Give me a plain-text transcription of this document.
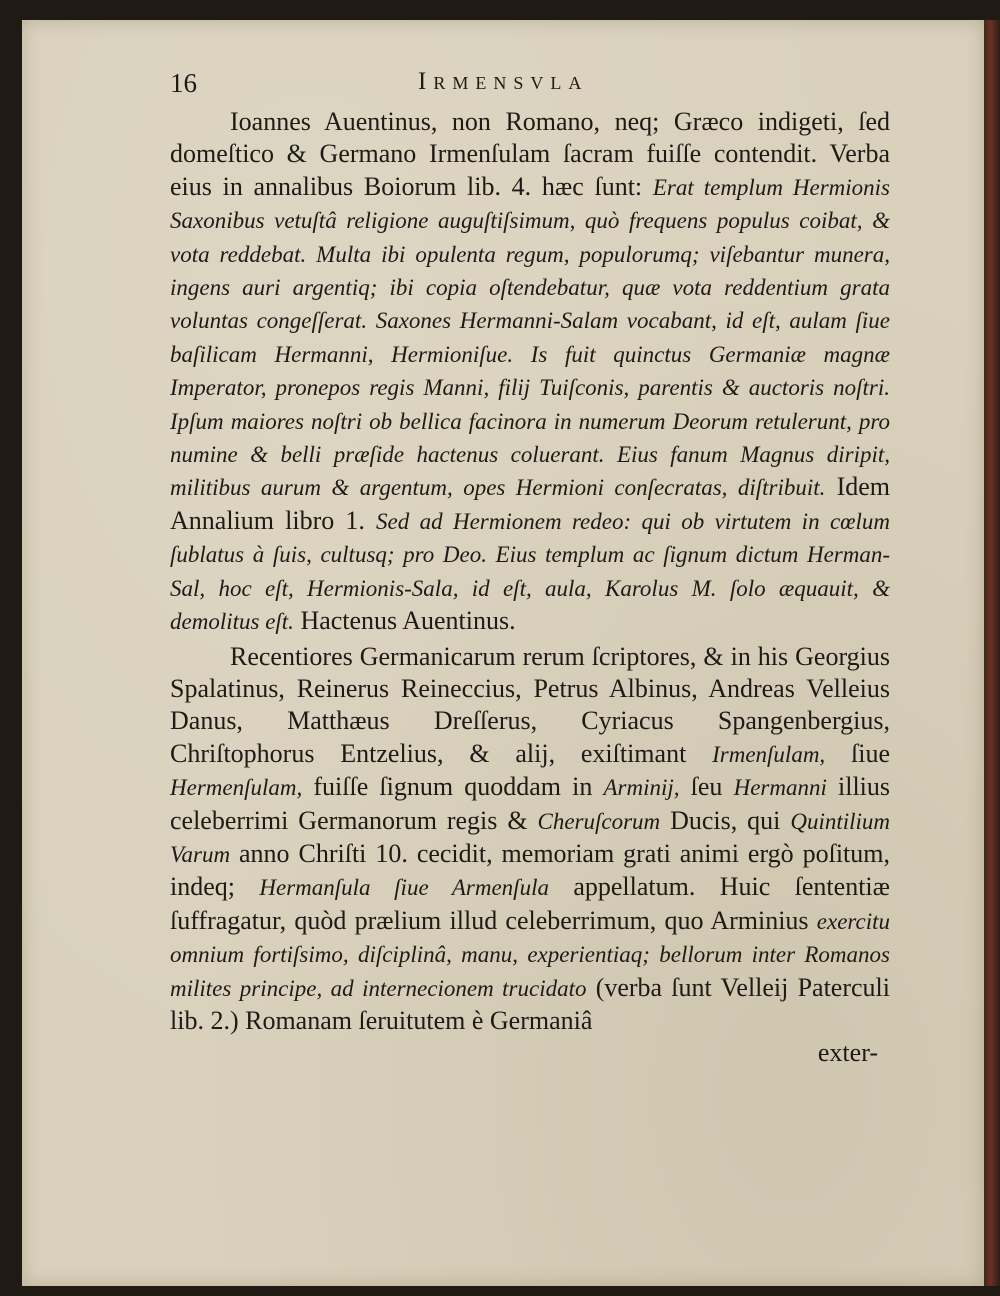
16	IRMENSVLA

Ioannes Auentinus, non Romano, neq; Græco indigeti, ſed domeſtico & Germano Irmenſulam ſacram fuiſſe contendit. Verba eius in annalibus Boiorum lib. 4. hæc ſunt: Erat templum Hermionis Saxonibus vetuſtâ religione auguſtiſsimum, quò frequens populus coibat, & vota reddebat. Multa ibi opulenta regum, populorumq; viſebantur munera, ingens auri argentiq; ibi copia oſtendebatur, quæ vota reddentium grata voluntas congeſſerat. Saxones Hermanni-Salam vocabant, id eſt, aulam ſiue baſilicam Hermanni, Hermioniſue. Is fuit quinctus Germaniæ magnæ Imperator, pronepos regis Manni, filij Tuiſconis, parentis & auctoris noſtri. Ipſum maiores noſtri ob bellica facinora in numerum Deorum retulerunt, pro numine & belli præſide hactenus coluerant. Eius fanum Magnus diripit, militibus aurum & argentum, opes Hermioni conſecratas, diſtribuit. Idem Annalium libro 1. Sed ad Hermionem redeo: qui ob virtutem in cœlum ſublatus à ſuis, cultusq; pro Deo. Eius templum ac ſignum dictum Herman-Sal, hoc eſt, Hermionis-Sala, id eſt, aula, Karolus M. ſolo æquauit, & demolitus eſt. Hactenus Auentinus.

Recentiores Germanicarum rerum ſcriptores, & in his Georgius Spalatinus, Reinerus Reineccius, Petrus Albinus, Andreas Velleius Danus, Matthæus Dreſſerus, Cyriacus Spangenbergius, Chriſtophorus Entzelius, & alij, exiſtimant Irmenſulam, ſiue Hermenſulam, fuiſſe ſignum quoddam in Arminij, ſeu Hermanni illius celeberrimi Germanorum regis & Cheruſcorum Ducis, qui Quintilium Varum anno Chriſti 10. cecidit, memoriam grati animi ergò poſitum, indeq; Hermanſula ſiue Armenſula appellatum. Huic ſententiæ ſuffragatur, quòd prælium illud celeberrimum, quo Arminius exercitu omnium fortiſsimo, diſciplinâ, manu, experientiaq; bellorum inter Romanos milites principe, ad internecionem trucidato (verba ſunt Velleij Paterculi lib. 2.) Romanam ſeruitutem è Germaniâ

exter-
